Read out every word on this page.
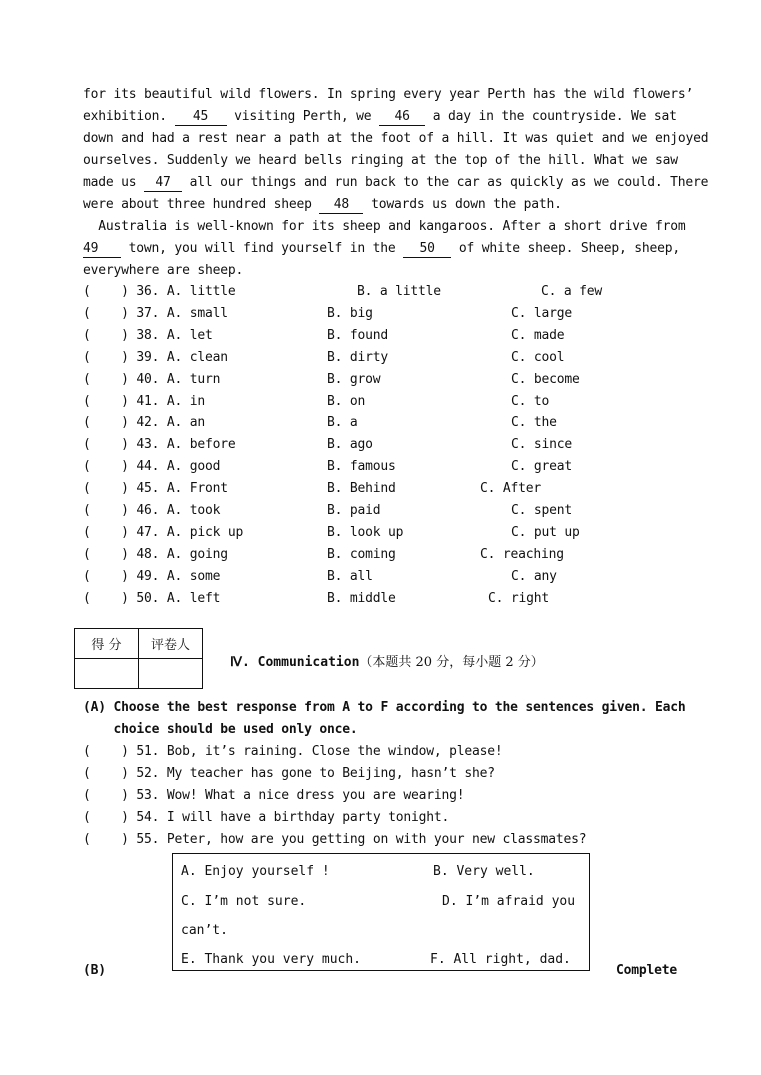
for its beautiful wild flowers. In spring every year Perth has the wild flowers’
exhibition. 45 visiting Perth, we 46 a day in the countryside. We sat
down and had a rest near a path at the foot of a hill. It was quiet and we enjoyed
ourselves. Suddenly we heard bells ringing at the top of the hill. What we saw
made us 47 all our things and run back to the car as quickly as we could. There
were about three hundred sheep 48 towards us down the path.
Australia is well-known for its sheep and kangaroos. After a short drive from
49 town, you will find yourself in the 50 of white sheep. Sheep, sheep,
everywhere are sheep.
(    ) 36. A. little	B. a little	C. a few
(    ) 37. A. small	B. big	C. large
(    ) 38. A. let	B. found	C. made
(    ) 39. A. clean	B. dirty	C. cool
(    ) 40. A. turn	B. grow	C. become
(    ) 41. A. in	B. on	C. to
(    ) 42. A. an	B. a	C. the
(    ) 43. A. before	B. ago	C. since
(    ) 44. A. good	B. famous	C. great
(    ) 45. A. Front	B. Behind	C. After
(    ) 46. A. took	B. paid	C. spent
(    ) 47. A. pick up	B. look up	C. put up
(    ) 48. A. going	B. coming	C. reaching
(    ) 49. A. some	B. all	C. any
(    ) 50. A. left	B. middle	C. right
得 分	评卷人

Ⅳ. Communication（本题共 20 分，每小题 2 分）
(A) Choose the best response from A to F according to the sentences given. Each
choice should be used only once.
(    ) 51. Bob, it’s raining. Close the window, please!
(    ) 52. My teacher has gone to Beijing, hasn’t she?
(    ) 53. Wow! What a nice dress you are wearing!
(    ) 54. I will have a birthday party tonight.
(    ) 55. Peter, how are you getting on with your new classmates?
A. Enjoy yourself !	B. Very well.
C. I’m not sure.	D. I’m afraid you
can’t.
E. Thank you very much.	F. All right, dad.
(B)	Complete
